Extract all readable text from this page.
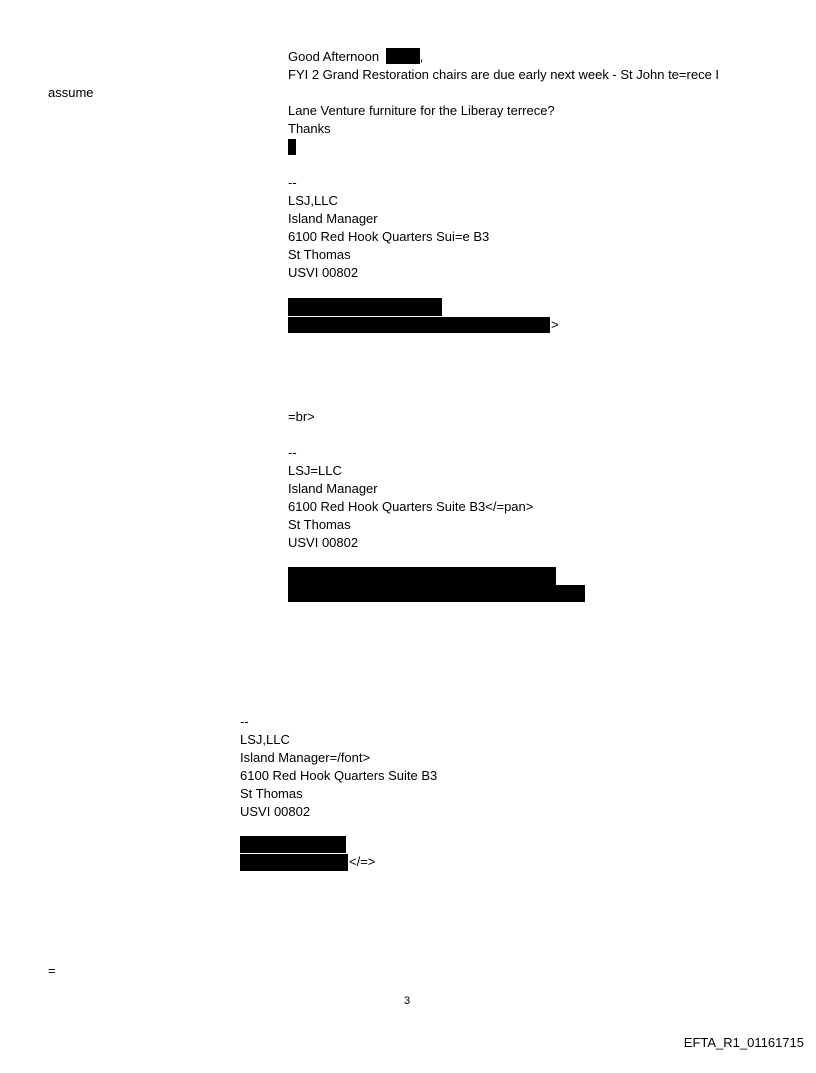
Good Afternoon	,
FYI 2 Grand Restoration chairs are due early next week - St John te=rece I
assume
Lane Venture furniture for the Liberay terrece?
Thanks
--
LSJ,LLC
Island Manager
6100 Red Hook Quarters Sui=e B3
St Thomas
USVI 00802
>
=br>
--
LSJ=LLC
Island Manager
6100 Red Hook Quarters Suite B3</=pan>
St Thomas
USVI 00802
--
LSJ,LLC
Island Manager=/font>
6100 Red Hook Quarters Suite B3
St Thomas
USVI 00802
</=>
=
3
EFTA_R1_01161715
